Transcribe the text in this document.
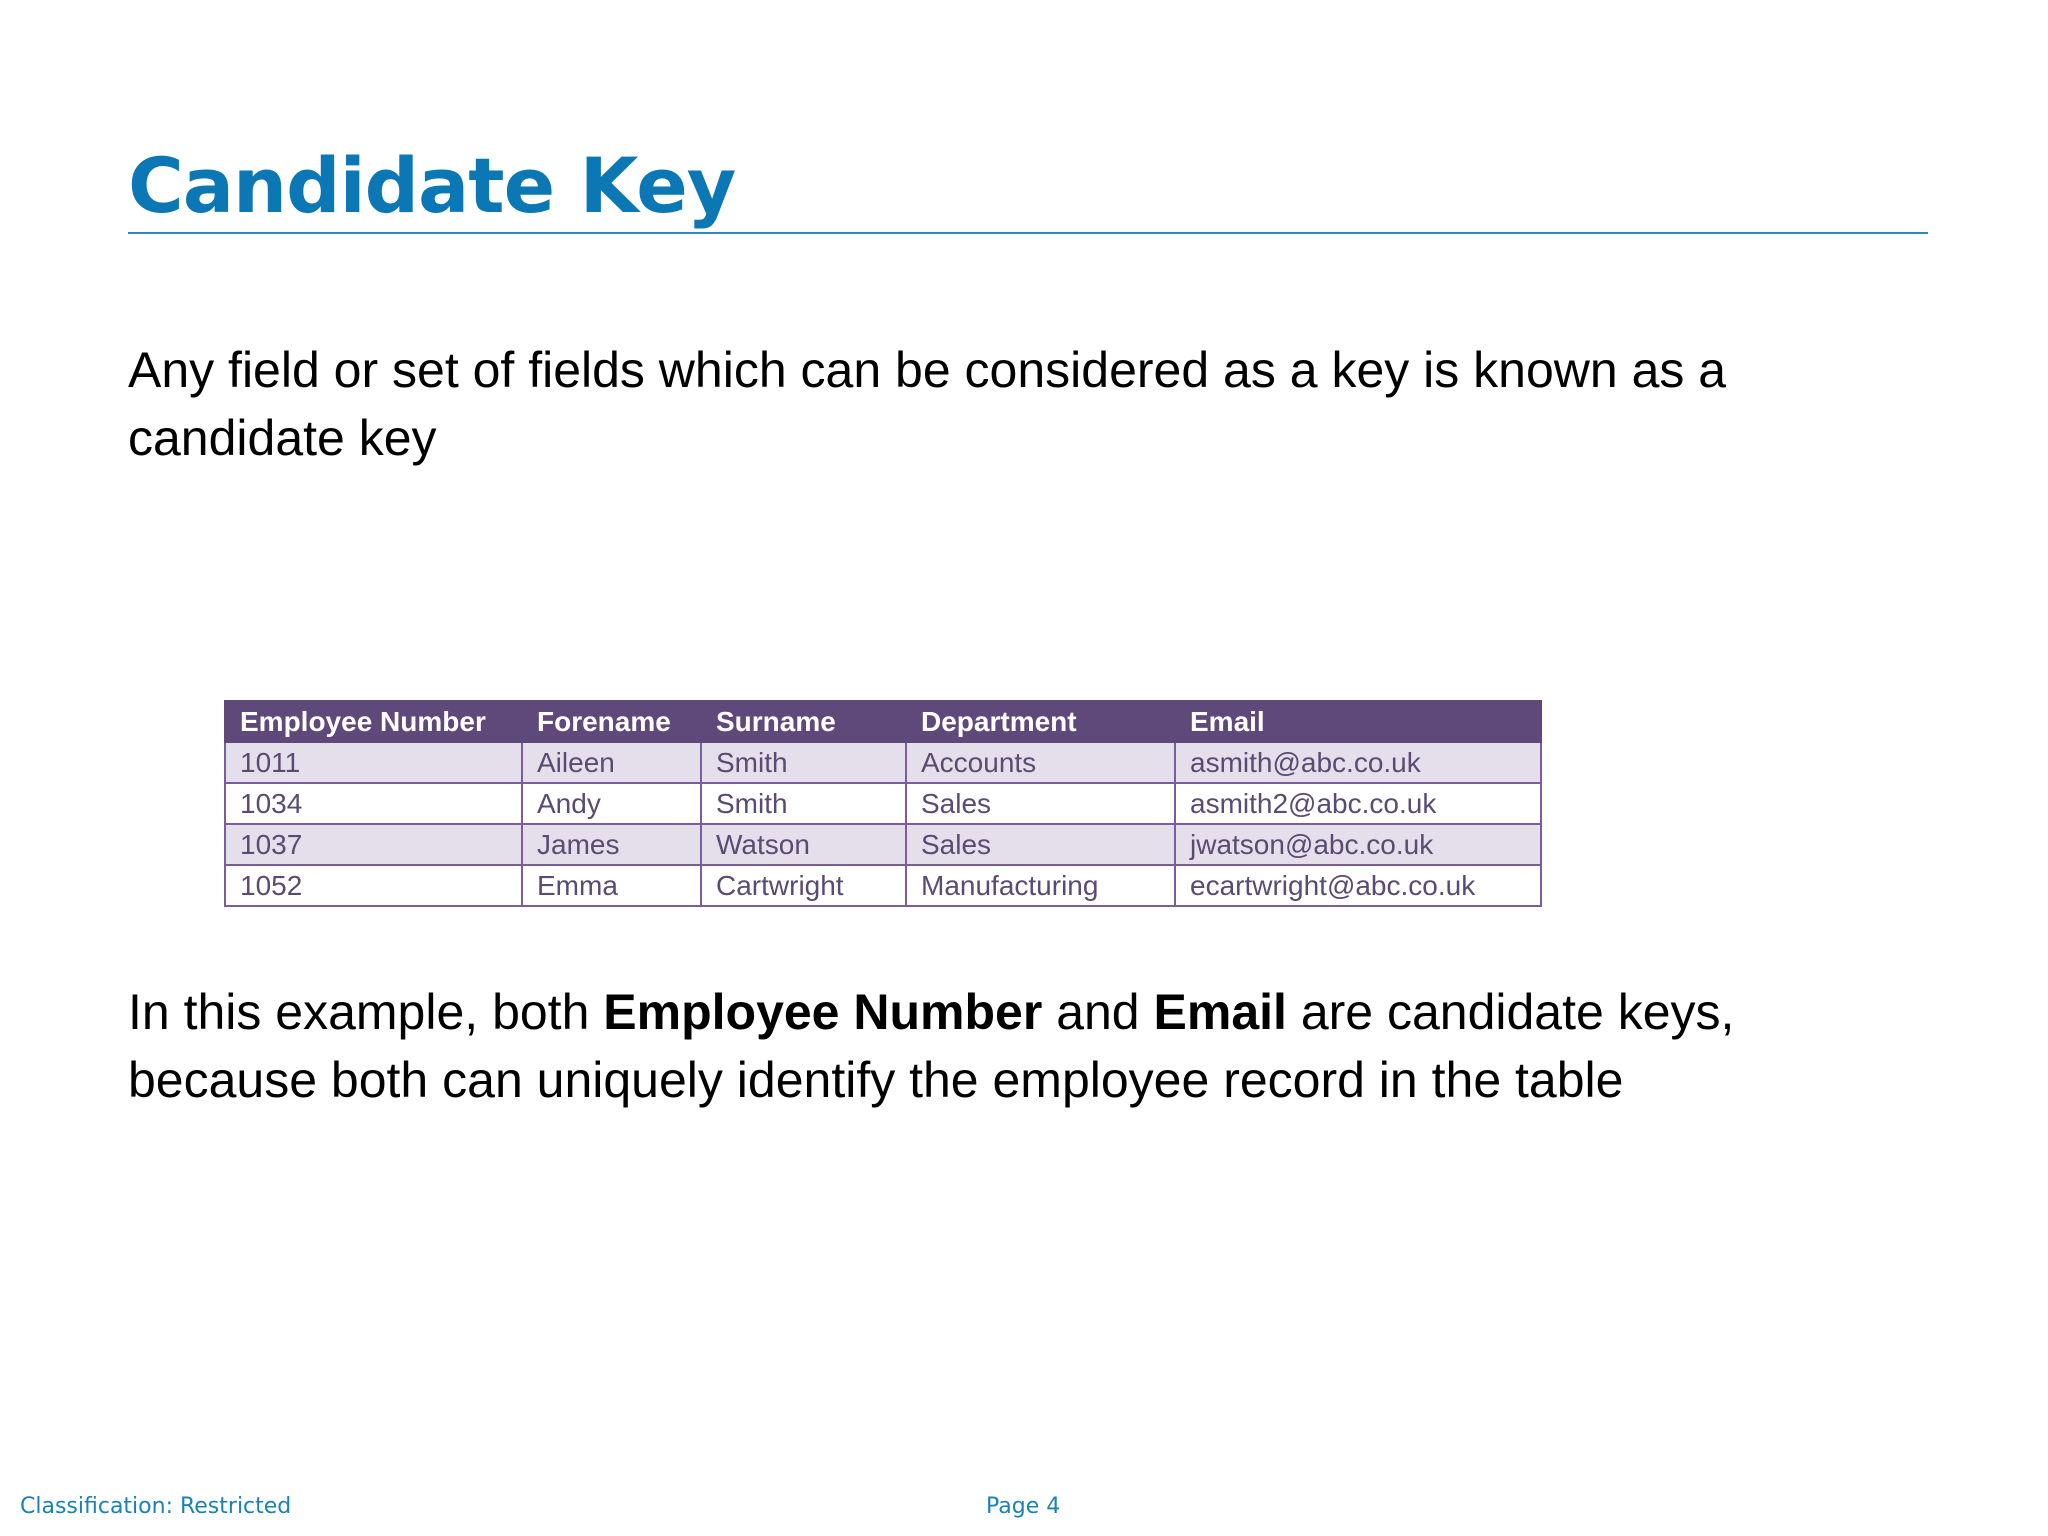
Candidate Key

Any field or set of fields which can be considered as a key is known as a candidate key

Employee Number	Forename	Surname	Department	Email
1011	Aileen	Smith	Accounts	asmith@abc.co.uk
1034	Andy	Smith	Sales	asmith2@abc.co.uk
1037	James	Watson	Sales	jwatson@abc.co.uk
1052	Emma	Cartwright	Manufacturing	ecartwright@abc.co.uk

In this example, both Employee Number and Email are candidate keys, because both can uniquely identify the employee record in the table

Classification: Restricted	Page 4
